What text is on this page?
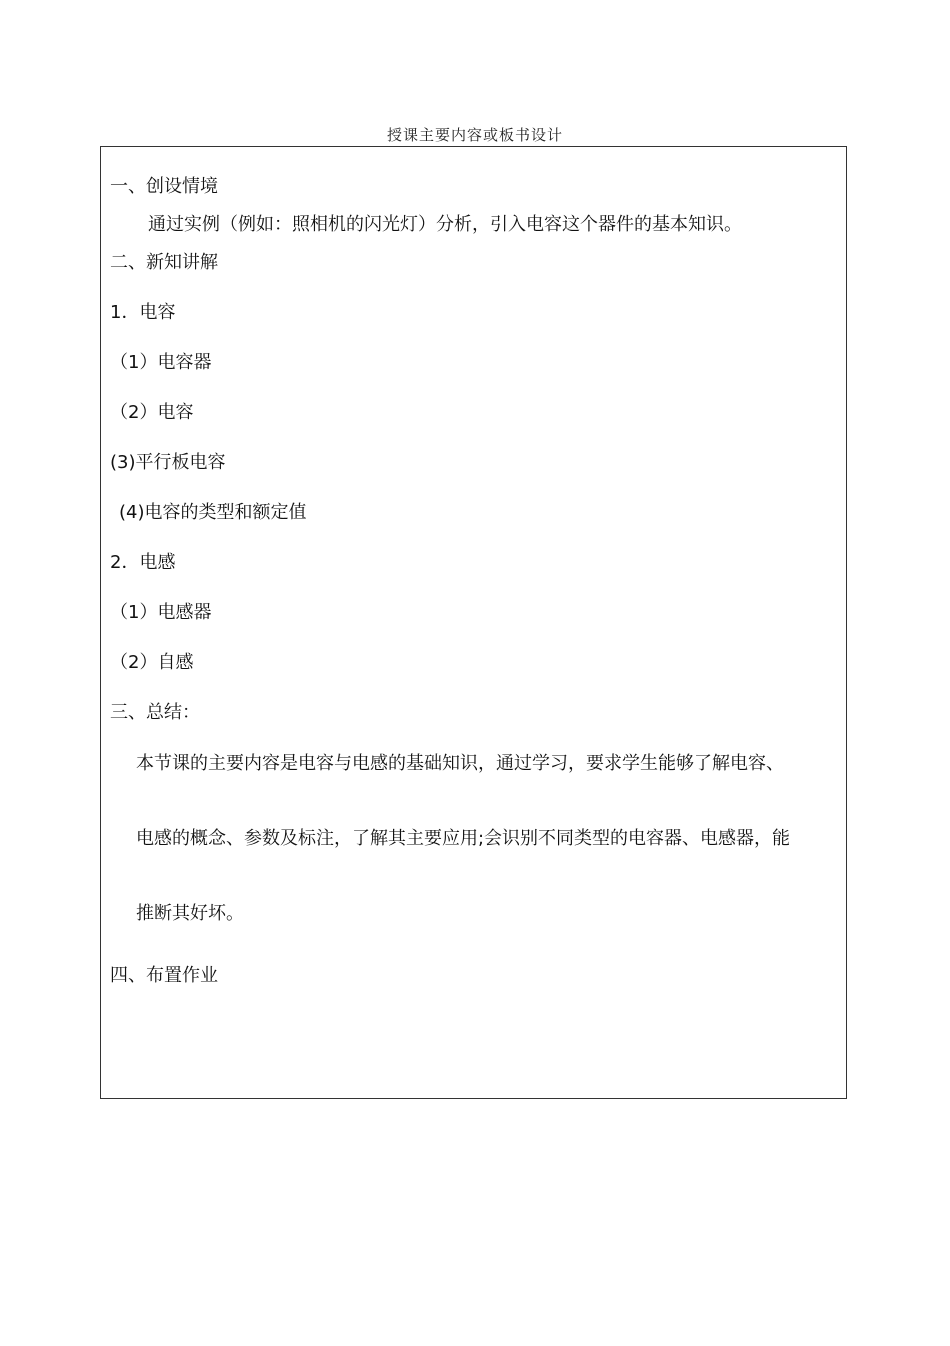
授课主要内容或板书设计
一、创设情境
通过实例（例如：照相机的闪光灯）分析，引入电容这个器件的基本知识。
二、新知讲解
1．电容
（1）电容器
（2）电容
(3)平行板电容
(4)电容的类型和额定值
2．电感
（1）电感器
（2）自感
三、总结：
本节课的主要内容是电容与电感的基础知识，通过学习，要求学生能够了解电容、
电感的概念、参数及标注，了解其主要应用;会识别不同类型的电容器、电感器，能
推断其好坏。
四、布置作业
